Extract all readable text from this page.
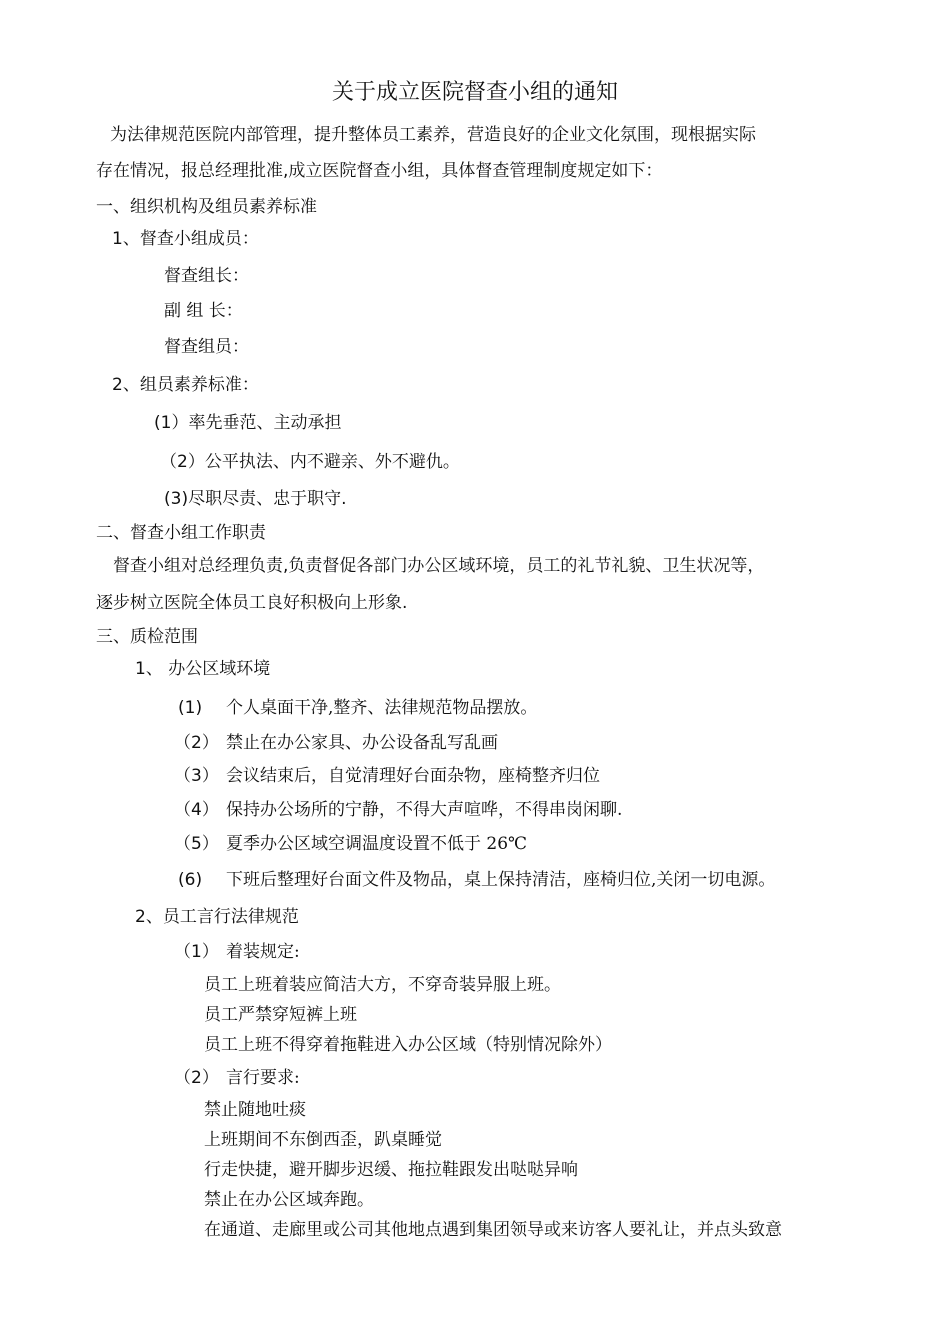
关于成立医院督查小组的通知
为法律规范医院内部管理，提升整体员工素养，营造良好的企业文化氛围，现根据实际
存在情况，报总经理批准,成立医院督查小组，具体督查管理制度规定如下：
一、组织机构及组员素养标准
1、督查小组成员：
督查组长：
副 组 长：
督查组员：
2、组员素养标准：
(1）率先垂范、主动承担
（2）公平执法、内不避亲、外不避仇。
(3)尽职尽责、忠于职守.
二、督查小组工作职责
督查小组对总经理负责,负责督促各部门办公区域环境，员工的礼节礼貌、卫生状况等，
逐步树立医院全体员工良好积极向上形象.
三、质检范围
1、 办公区域环境
(1) 个人桌面干净,整齐、法律规范物品摆放。
（2） 禁止在办公家具、办公设备乱写乱画
（3） 会议结束后，自觉清理好台面杂物，座椅整齐归位
（4） 保持办公场所的宁静，不得大声喧哗，不得串岗闲聊.
（5） 夏季办公区域空调温度设置不低于 26℃
(6) 下班后整理好台面文件及物品，桌上保持清洁，座椅归位,关闭一切电源。
2、员工言行法律规范
（1） 着装规定:
员工上班着装应简洁大方，不穿奇装异服上班。
员工严禁穿短裤上班
员工上班不得穿着拖鞋进入办公区域（特别情况除外）
（2） 言行要求:
禁止随地吐痰
上班期间不东倒西歪，趴桌睡觉
行走快捷，避开脚步迟缓、拖拉鞋跟发出哒哒异响
禁止在办公区域奔跑。
在通道、走廊里或公司其他地点遇到集团领导或来访客人要礼让，并点头致意
